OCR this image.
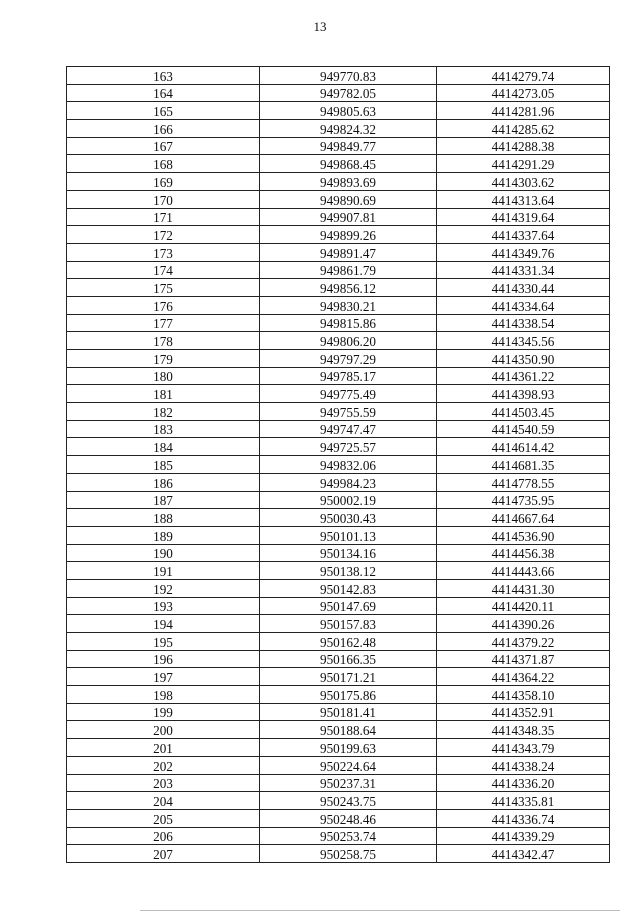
13
163	949770.83	4414279.74
164	949782.05	4414273.05
165	949805.63	4414281.96
166	949824.32	4414285.62
167	949849.77	4414288.38
168	949868.45	4414291.29
169	949893.69	4414303.62
170	949890.69	4414313.64
171	949907.81	4414319.64
172	949899.26	4414337.64
173	949891.47	4414349.76
174	949861.79	4414331.34
175	949856.12	4414330.44
176	949830.21	4414334.64
177	949815.86	4414338.54
178	949806.20	4414345.56
179	949797.29	4414350.90
180	949785.17	4414361.22
181	949775.49	4414398.93
182	949755.59	4414503.45
183	949747.47	4414540.59
184	949725.57	4414614.42
185	949832.06	4414681.35
186	949984.23	4414778.55
187	950002.19	4414735.95
188	950030.43	4414667.64
189	950101.13	4414536.90
190	950134.16	4414456.38
191	950138.12	4414443.66
192	950142.83	4414431.30
193	950147.69	4414420.11
194	950157.83	4414390.26
195	950162.48	4414379.22
196	950166.35	4414371.87
197	950171.21	4414364.22
198	950175.86	4414358.10
199	950181.41	4414352.91
200	950188.64	4414348.35
201	950199.63	4414343.79
202	950224.64	4414338.24
203	950237.31	4414336.20
204	950243.75	4414335.81
205	950248.46	4414336.74
206	950253.74	4414339.29
207	950258.75	4414342.47
